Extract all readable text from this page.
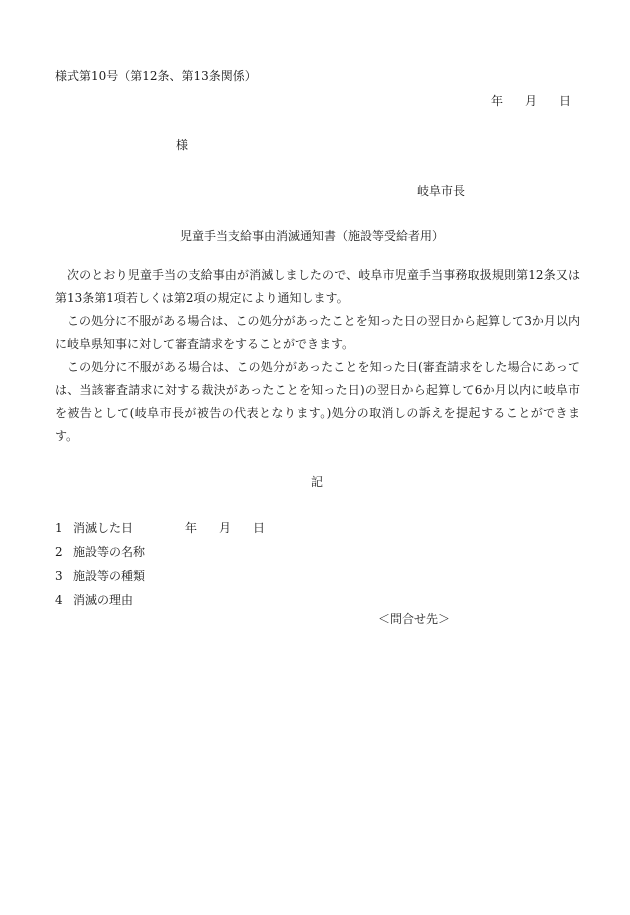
様式第10号（第12条、第13条関係）
年 月 日
様
岐阜市長
児童手当支給事由消滅通知書（施設等受給者用）

次のとおり児童手当の支給事由が消滅しましたので、岐阜市児童手当事務取扱規則第12条又は第13条第1項若しくは第2項の規定により通知します。

この処分に不服がある場合は、この処分があったことを知った日の翌日から起算して3か月以内に岐阜県知事に対して審査請求をすることができます。

この処分に不服がある場合は、この処分があったことを知った日(審査請求をした場合にあっては、当該審査請求に対する裁決があったことを知った日)の翌日から起算して6か月以内に岐阜市を被告として(岐阜市長が被告の代表となります。)処分の取消しの訴えを提起することができます。

記
1 消滅した日	年 月 日
2 施設等の名称
3 施設等の種類
4 消滅の理由
＜問合せ先＞
